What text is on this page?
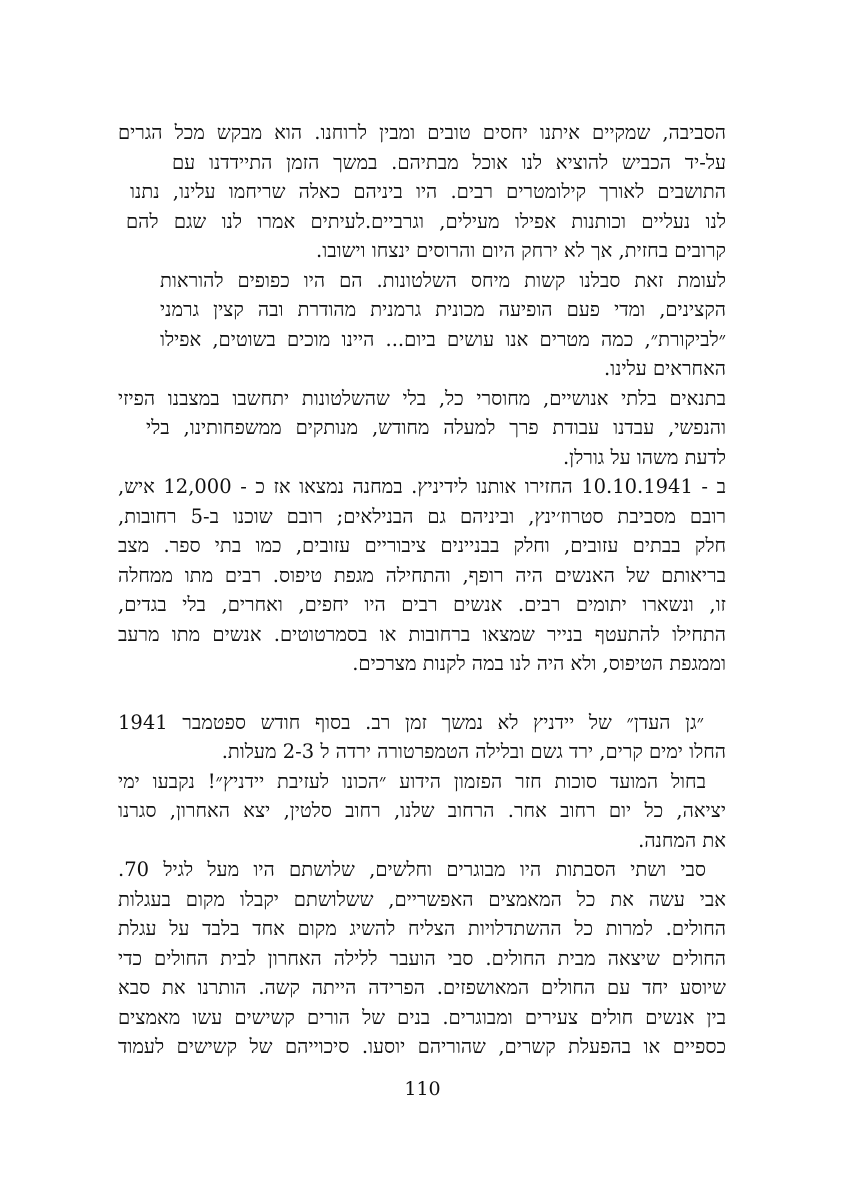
הסביבה, שמקיים איתנו יחסים טובים ומבין לרוחנו. הוא מבקש מכל הגרים
על-יד הכביש להוציא לנו אוכל מבתיהם. במשך הזמן התיידדנו עם
התושבים לאורך קילומטרים רבים. היו ביניהם כאלה שריחמו עלינו, נתנו
לנו נעליים וכותנות אפילו מעילים, וגרביים.לעיתים אמרו לנו שגם להם
קרובים בחזית, אך לא ירחק היום והרוסים ינצחו וישובו.
לעומת זאת סבלנו קשות מיחס השלטונות. הם היו כפופים להוראות
הקצינים, ומדי פעם הופיעה מכונית גרמנית מהודרת ובה קצין גרמני
״לביקורת״, כמה מטרים אנו עושים ביום... היינו מוכים בשוטים, אפילו
האחראים עלינו.
בתנאים בלתי אנושיים, מחוסרי כל, בלי שהשלטונות יתחשבו במצבנו הפיזי
והנפשי, עבדנו עבודת פרך למעלה מחודש, מנותקים ממשפחותינו, בלי
לדעת משהו על גורלן.
ב - 10.10.1941 החזירו אותנו לידיניץ. במחנה נמצאו אז כ - 12,000 איש,
רובם מסביבת סטרוז׳ינץ, וביניהם גם הבנילאים; רובם שוכנו ב-5 רחובות,
חלק בבתים עזובים, וחלק בבניינים ציבוריים עזובים, כמו בתי ספר. מצב
בריאותם של האנשים היה רופף, והתחילה מגפת טיפוס. רבים מתו ממחלה
זו, ונשארו יתומים רבים. אנשים רבים היו יחפים, ואחרים, בלי בגדים,
התחילו להתעטף בנייר שמצאו ברחובות או בסמרטוטים. אנשים מתו מרעב
וממגפת הטיפוס, ולא היה לנו במה לקנות מצרכים.
״גן העדן״ של יידניץ לא נמשך זמן רב. בסוף חודש ספטמבר 1941
החלו ימים קרים, ירד גשם ובלילה הטמפרטורה ירדה ל 2-3 מעלות.
בחול המועד סוכות חזר הפזמון הידוע ״הכונו לעזיבת יידניץ״! נקבעו ימי
יציאה, כל יום רחוב אחר. הרחוב שלנו, רחוב סלטין, יצא האחרון, סגרנו
את המחנה.
סבי ושתי הסבתות היו מבוגרים וחלשים, שלושתם היו מעל לגיל 70.
אבי עשה את כל המאמצים האפשריים, ששלושתם יקבלו מקום בעגלות
החולים. למרות כל ההשתדלויות הצליח להשיג מקום אחד בלבד על עגלת
החולים שיצאה מבית החולים. סבי הועבר ללילה האחרון לבית החולים כדי
שיוסע יחד עם החולים המאושפזים. הפרידה הייתה קשה. הותרנו את סבא
בין אנשים חולים צעירים ומבוגרים. בנים של הורים קשישים עשו מאמצים
כספיים או בהפעלת קשרים, שהוריהם יוסעו. סיכוייהם של קשישים לעמוד
110
